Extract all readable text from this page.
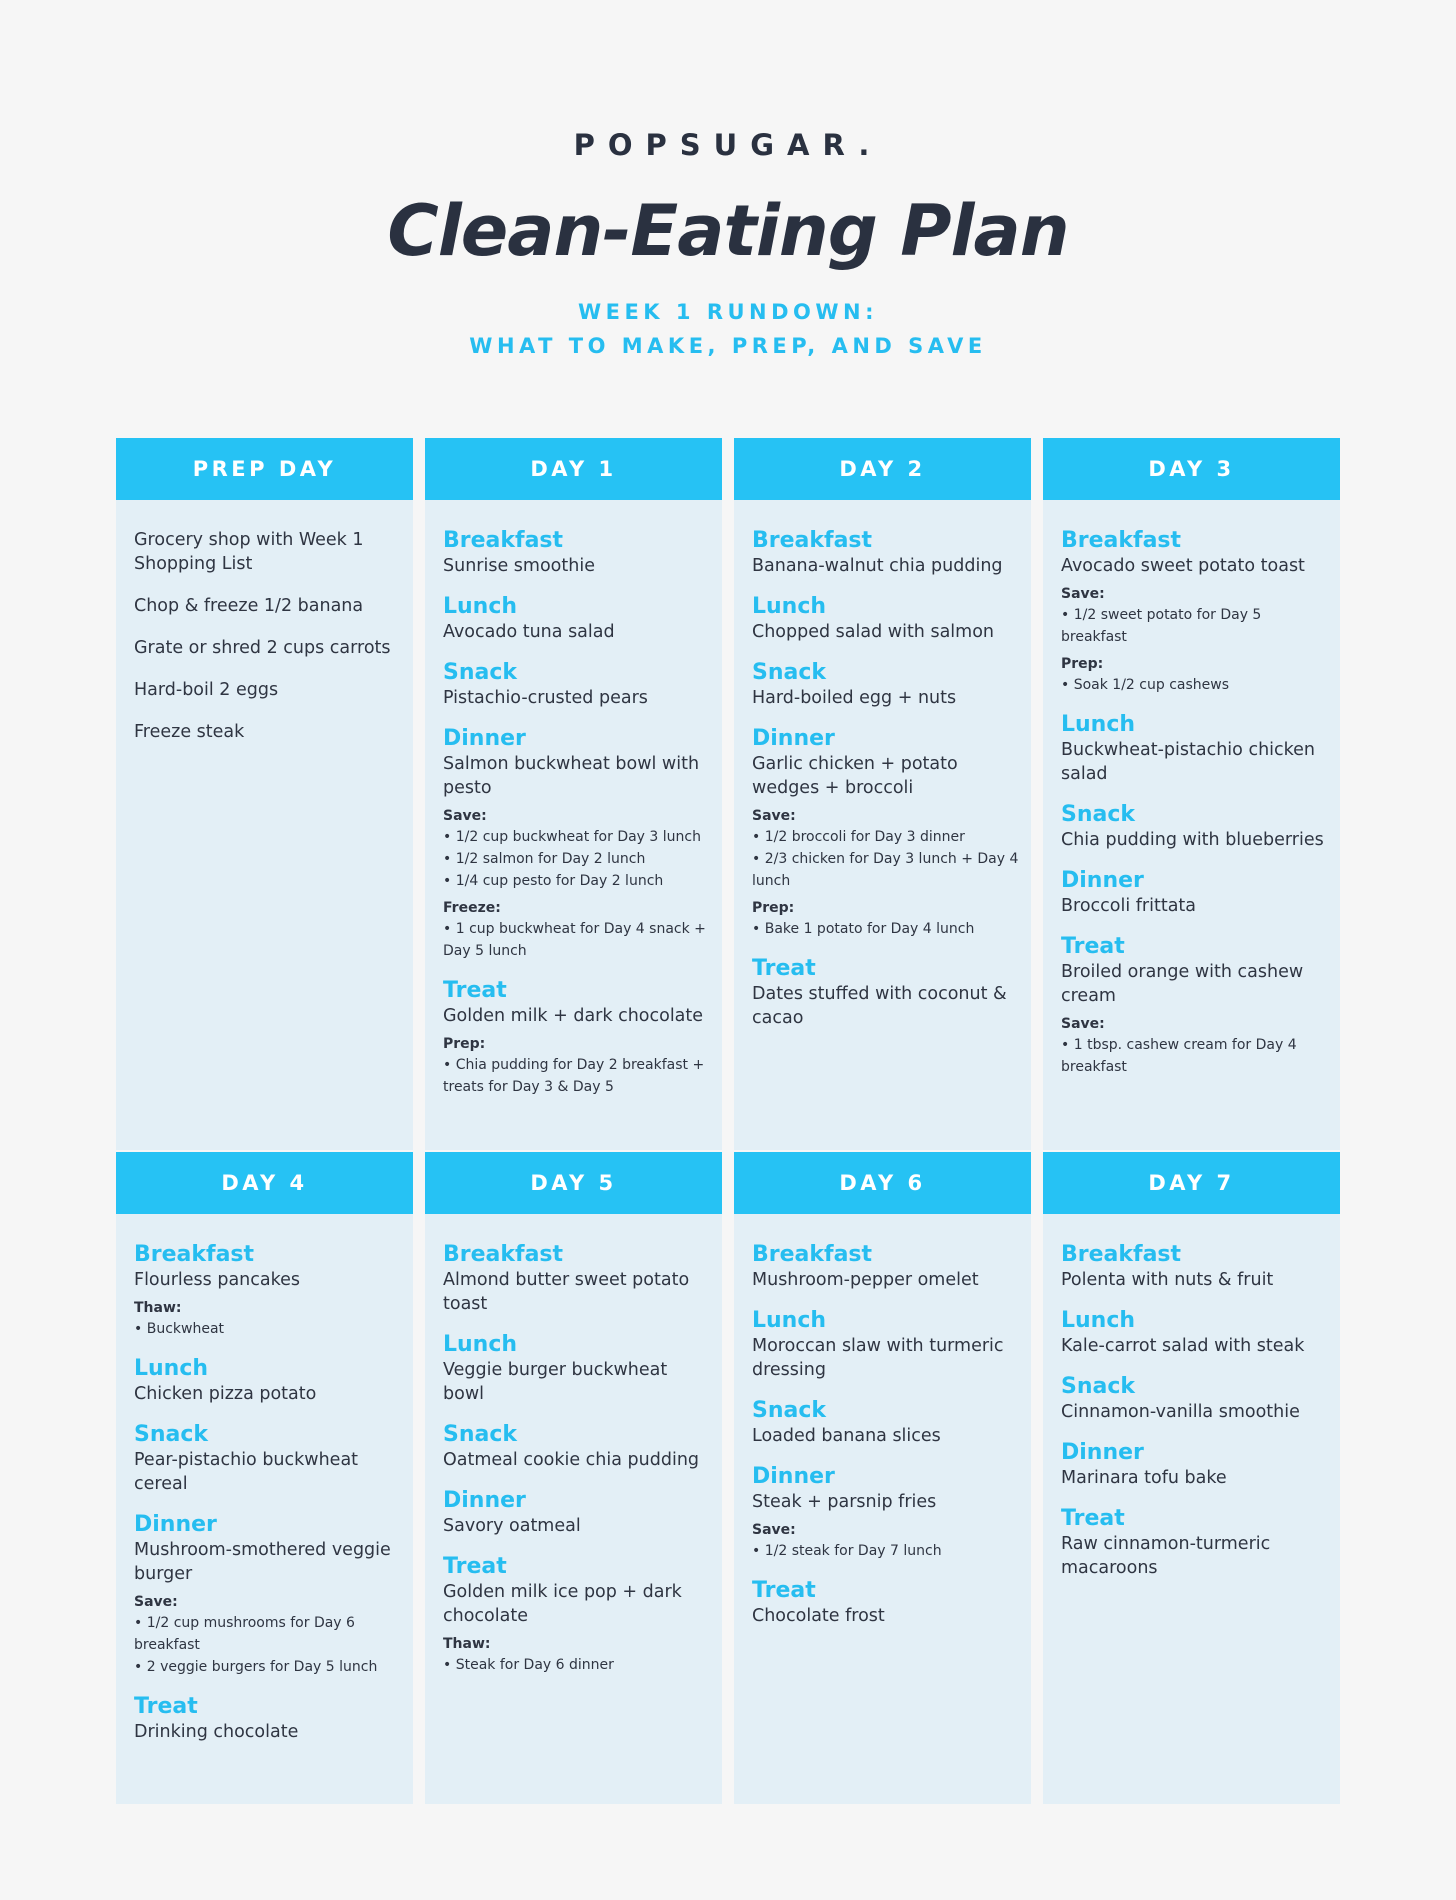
POPSUGAR.
Clean-Eating Plan
WEEK 1 RUNDOWN:
WHAT TO MAKE, PREP, AND SAVE
PREP DAY
Grocery shop with Week 1 Shopping List
Chop & freeze 1/2 banana
Grate or shred 2 cups carrots
Hard-boil 2 eggs
Freeze steak
DAY 1
Breakfast
Sunrise smoothie
Lunch
Avocado tuna salad
Snack
Pistachio-crusted pears
Dinner
Salmon buckwheat bowl with pesto
Save:
• 1/2 cup buckwheat for Day 3 lunch
• 1/2 salmon for Day 2 lunch
• 1/4 cup pesto for Day 2 lunch
Freeze:
• 1 cup buckwheat for Day 4 snack + Day 5 lunch
Treat
Golden milk + dark chocolate
Prep:
• Chia pudding for Day 2 breakfast + treats for Day 3 & Day 5
DAY 2
Breakfast
Banana-walnut chia pudding
Lunch
Chopped salad with salmon
Snack
Hard-boiled egg + nuts
Dinner
Garlic chicken + potato wedges + broccoli
Save:
• 1/2 broccoli for Day 3 dinner
• 2/3 chicken for Day 3 lunch + Day 4 lunch
Prep:
• Bake 1 potato for Day 4 lunch
Treat
Dates stuffed with coconut & cacao
DAY 3
Breakfast
Avocado sweet potato toast
Save:
• 1/2 sweet potato for Day 5 breakfast
Prep:
• Soak 1/2 cup cashews
Lunch
Buckwheat-pistachio chicken salad
Snack
Chia pudding with blueberries
Dinner
Broccoli frittata
Treat
Broiled orange with cashew cream
Save:
• 1 tbsp. cashew cream for Day 4 breakfast
DAY 4
Breakfast
Flourless pancakes
Thaw:
• Buckwheat
Lunch
Chicken pizza potato
Snack
Pear-pistachio buckwheat cereal
Dinner
Mushroom-smothered veggie burger
Save:
• 1/2 cup mushrooms for Day 6 breakfast
• 2 veggie burgers for Day 5 lunch
Treat
Drinking chocolate
DAY 5
Breakfast
Almond butter sweet potato toast
Lunch
Veggie burger buckwheat bowl
Snack
Oatmeal cookie chia pudding
Dinner
Savory oatmeal
Treat
Golden milk ice pop + dark chocolate
Thaw:
• Steak for Day 6 dinner
DAY 6
Breakfast
Mushroom-pepper omelet
Lunch
Moroccan slaw with turmeric dressing
Snack
Loaded banana slices
Dinner
Steak + parsnip fries
Save:
• 1/2 steak for Day 7 lunch
Treat
Chocolate frost
DAY 7
Breakfast
Polenta with nuts & fruit
Lunch
Kale-carrot salad with steak
Snack
Cinnamon-vanilla smoothie
Dinner
Marinara tofu bake
Treat
Raw cinnamon-turmeric macaroons
